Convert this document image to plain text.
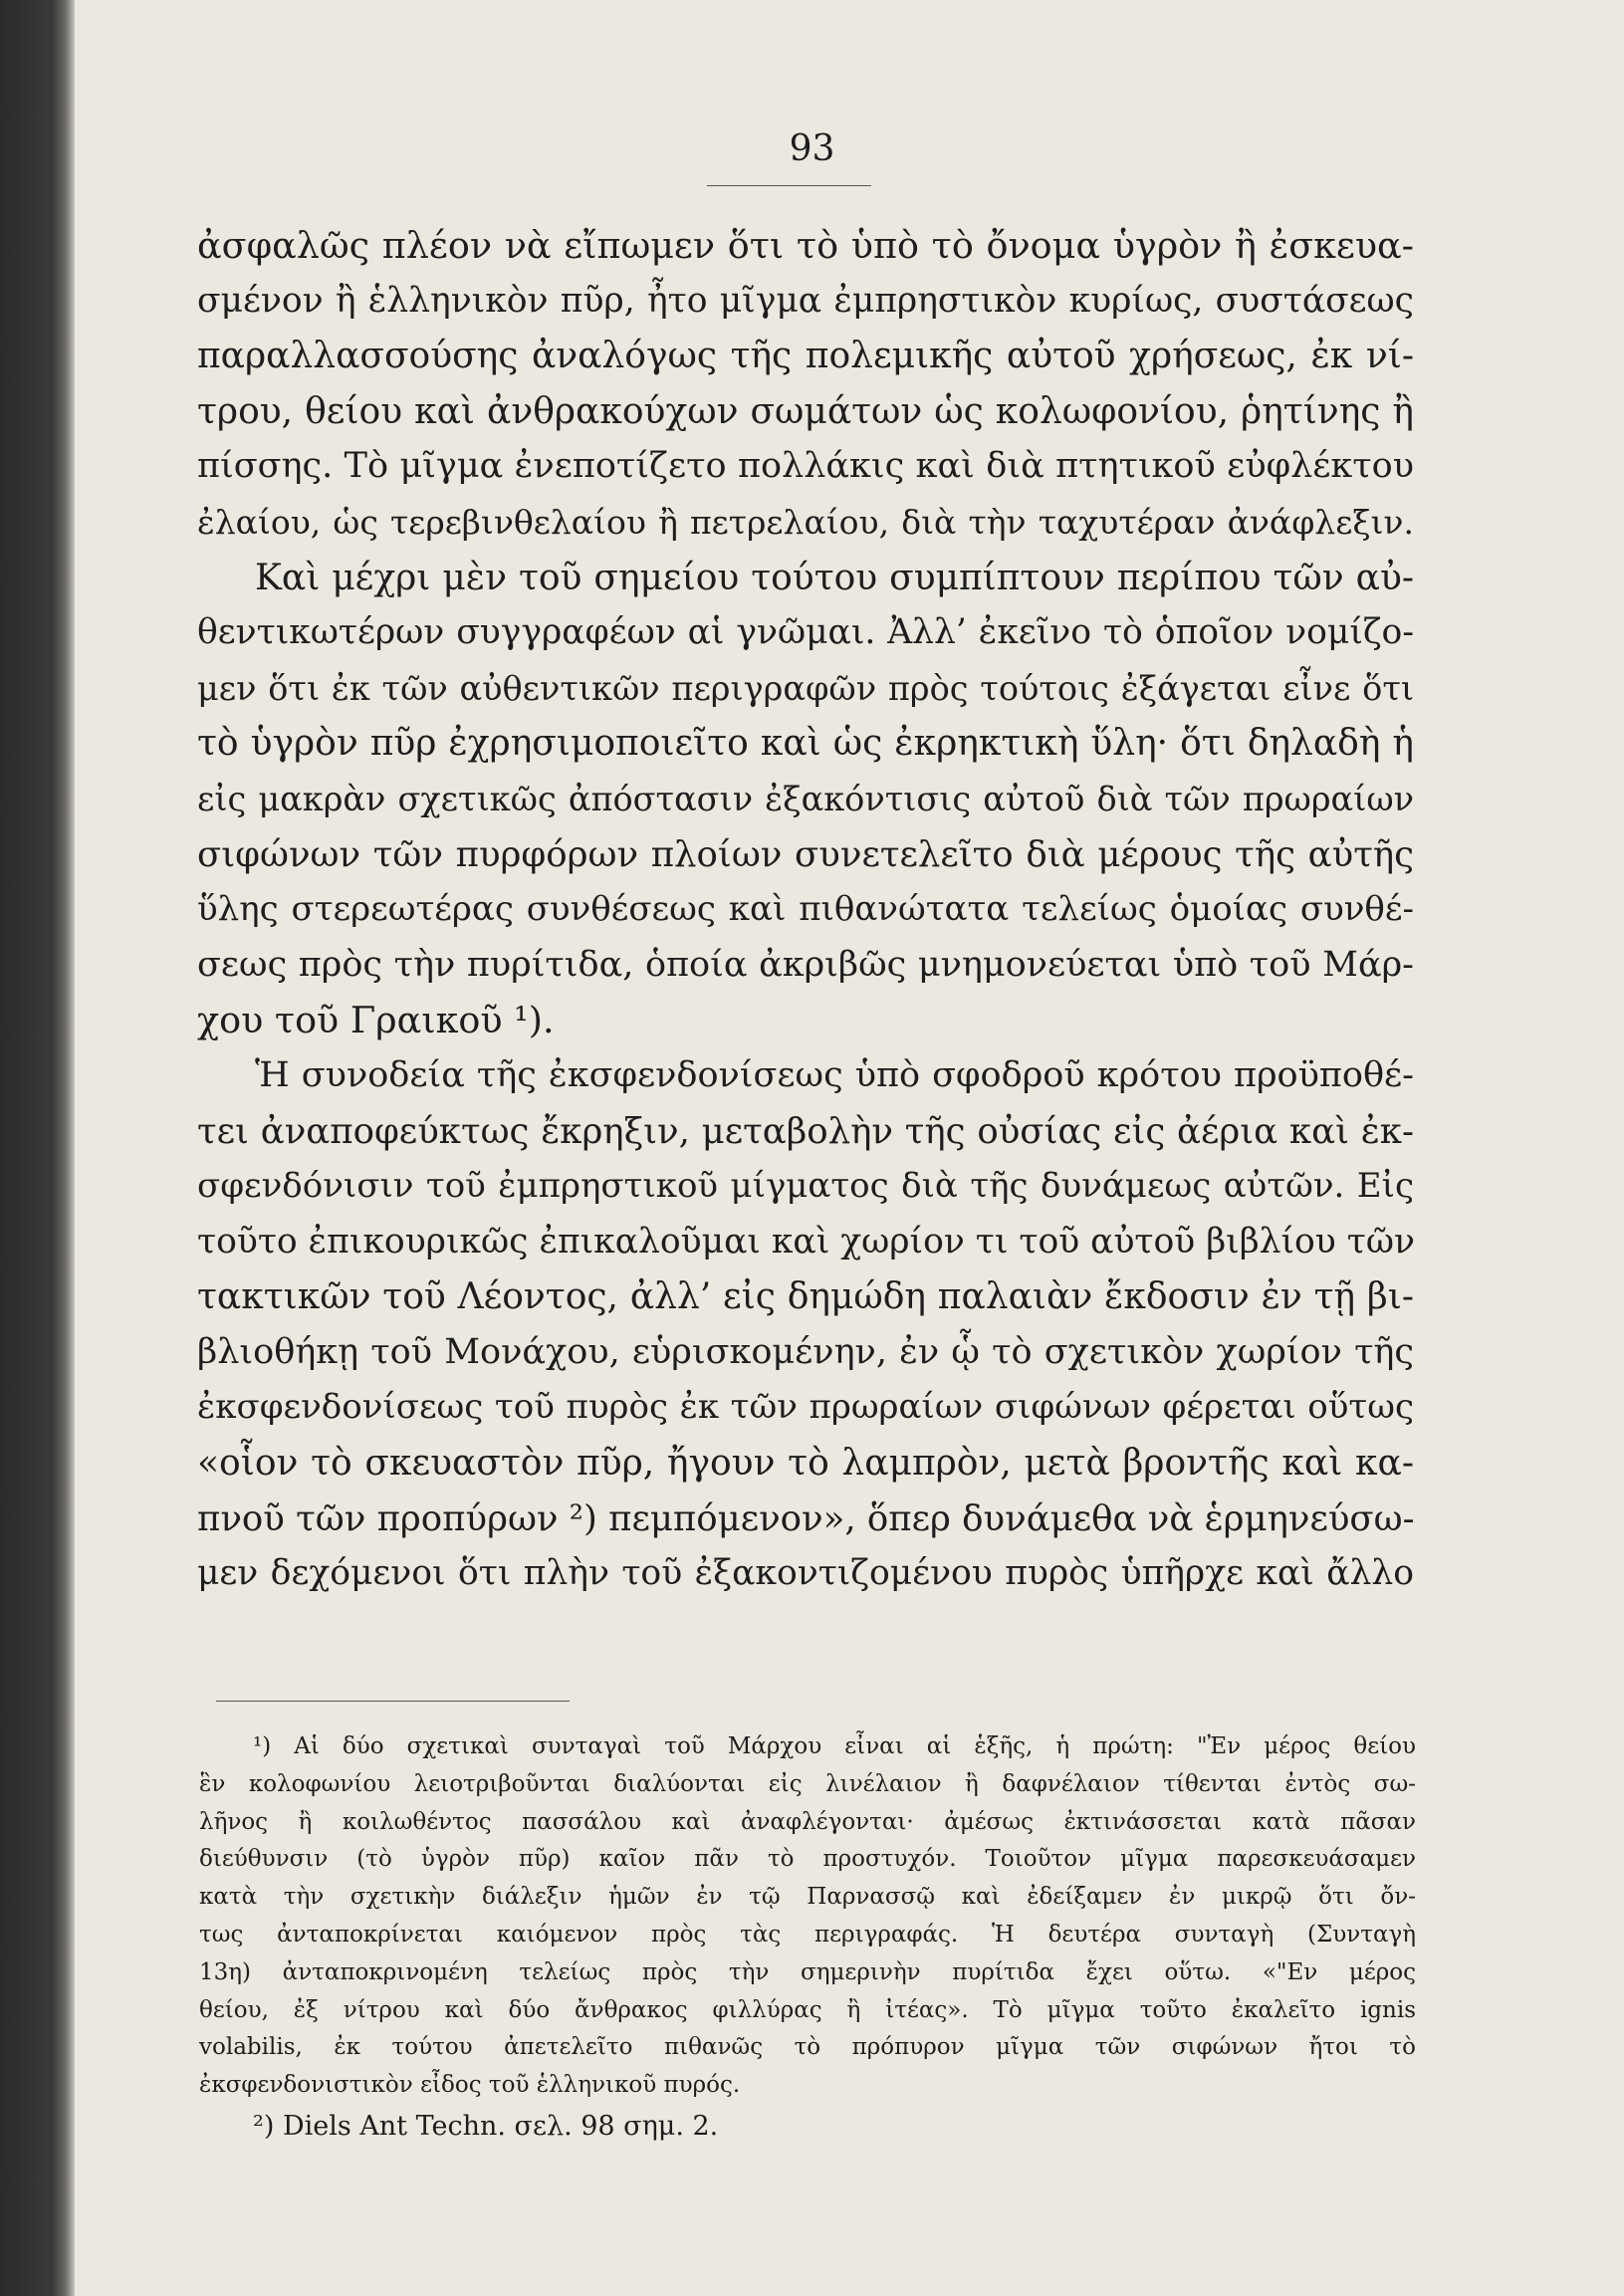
93
ἀσφαλῶς πλέον νὰ εἴπωμεν ὅτι τὸ ὑπὸ τὸ ὄνομα ὑγρὸν ἢ ἐσκευα-
σμένον ἢ ἑλληνικὸν πῦρ, ἦτο μῖγμα ἐμπρηστικὸν κυρίως, συστάσεως
παραλλασσούσης ἀναλόγως τῆς πολεμικῆς αὐτοῦ χρήσεως, ἐκ νί-
τρου, θείου καὶ ἀνθρακούχων σωμάτων ὡς κολωφονίου, ῥητίνης ἢ
πίσσης. Τὸ μῖγμα ἐνεποτίζετο πολλάκις καὶ διὰ πτητικοῦ εὐφλέκτου
ἐλαίου, ὡς τερεβινθελαίου ἢ πετρελαίου, διὰ τὴν ταχυτέραν ἀνάφλεξιν.
Καὶ μέχρι μὲν τοῦ σημείου τούτου συμπίπτουν περίπου τῶν αὐ-
θεντικωτέρων συγγραφέων αἱ γνῶμαι. Ἀλλ’ ἐκεῖνο τὸ ὁποῖον νομίζο-
μεν ὅτι ἐκ τῶν αὐθεντικῶν περιγραφῶν πρὸς τούτοις ἐξάγεται εἶνε ὅτι
τὸ ὑγρὸν πῦρ ἐχρησιμοποιεῖτο καὶ ὡς ἐκρηκτικὴ ὕλη· ὅτι δηλαδὴ ἡ
εἰς μακρὰν σχετικῶς ἀπόστασιν ἐξακόντισις αὐτοῦ διὰ τῶν πρωραίων
σιφώνων τῶν πυρφόρων πλοίων συνετελεῖτο διὰ μέρους τῆς αὐτῆς
ὕλης στερεωτέρας συνθέσεως καὶ πιθανώτατα τελείως ὁμοίας συνθέ-
σεως πρὸς τὴν πυρίτιδα, ὁποία ἀκριβῶς μνημονεύεται ὑπὸ τοῦ Μάρ-
χου τοῦ Γραικοῦ ¹).
Ἡ συνοδεία τῆς ἐκσφενδονίσεως ὑπὸ σφοδροῦ κρότου προϋποθέ-
τει ἀναποφεύκτως ἔκρηξιν, μεταβολὴν τῆς οὐσίας εἰς ἀέρια καὶ ἐκ-
σφενδόνισιν τοῦ ἐμπρηστικοῦ μίγματος διὰ τῆς δυνάμεως αὐτῶν. Εἰς
τοῦτο ἐπικουρικῶς ἐπικαλοῦμαι καὶ χωρίον τι τοῦ αὐτοῦ βιβλίου τῶν
τακτικῶν τοῦ Λέοντος, ἀλλ’ εἰς δημώδη παλαιὰν ἔκδοσιν ἐν τῇ βι-
βλιοθήκῃ τοῦ Μονάχου, εὑρισκομένην, ἐν ᾧ τὸ σχετικὸν χωρίον τῆς
ἐκσφενδονίσεως τοῦ πυρὸς ἐκ τῶν πρωραίων σιφώνων φέρεται οὕτως
«οἷον τὸ σκευαστὸν πῦρ, ἤγουν τὸ λαμπρὸν, μετὰ βροντῆς καὶ κα-
πνοῦ τῶν προπύρων ²) πεμπόμενον», ὅπερ δυνάμεθα νὰ ἑρμηνεύσω-
μεν δεχόμενοι ὅτι πλὴν τοῦ ἐξακοντιζομένου πυρὸς ὑπῆρχε καὶ ἄλλο
¹) Αἱ δύο σχετικαὶ συνταγαὶ τοῦ Μάρχου εἶναι αἱ ἑξῆς, ἡ πρώτη: "Ἐν μέρος θείου
ἓν κολοφωνίου λειοτριβοῦνται διαλύονται εἰς λινέλαιον ἢ δαφνέλαιον τίθενται ἐντὸς σω-
λῆνος ἢ κοιλωθέντος πασσάλου καὶ ἀναφλέγονται· ἀμέσως ἐκτινάσσεται κατὰ πᾶσαν
διεύθυνσιν (τὸ ὑγρὸν πῦρ) καῖον πᾶν τὸ προστυχόν. Τοιοῦτον μῖγμα παρεσκευάσαμεν
κατὰ τὴν σχετικὴν διάλεξιν ἡμῶν ἐν τῷ Παρνασσῷ καὶ ἐδείξαμεν ἐν μικρῷ ὅτι ὄν-
τως ἀνταποκρίνεται καιόμενον πρὸς τὰς περιγραφάς. Ἡ δευτέρα συνταγὴ (Συνταγὴ
13η) ἀνταποκρινομένη τελείως πρὸς τὴν σημερινὴν πυρίτιδα ἔχει οὕτω. «"Εν μέρος
θείου, ἐξ νίτρου καὶ δύο ἄνθρακος φιλλύρας ἢ ἰτέας». Τὸ μῖγμα τοῦτο ἐκαλεῖτο ignis
volabilis, ἐκ τούτου ἀπετελεῖτο πιθανῶς τὸ πρόπυρον μῖγμα τῶν σιφώνων ἤτοι τὸ
ἐκσφενδονιστικὸν εἶδος τοῦ ἑλληνικοῦ πυρός.
²) Diels Ant Techn. σελ. 98 σημ. 2.
